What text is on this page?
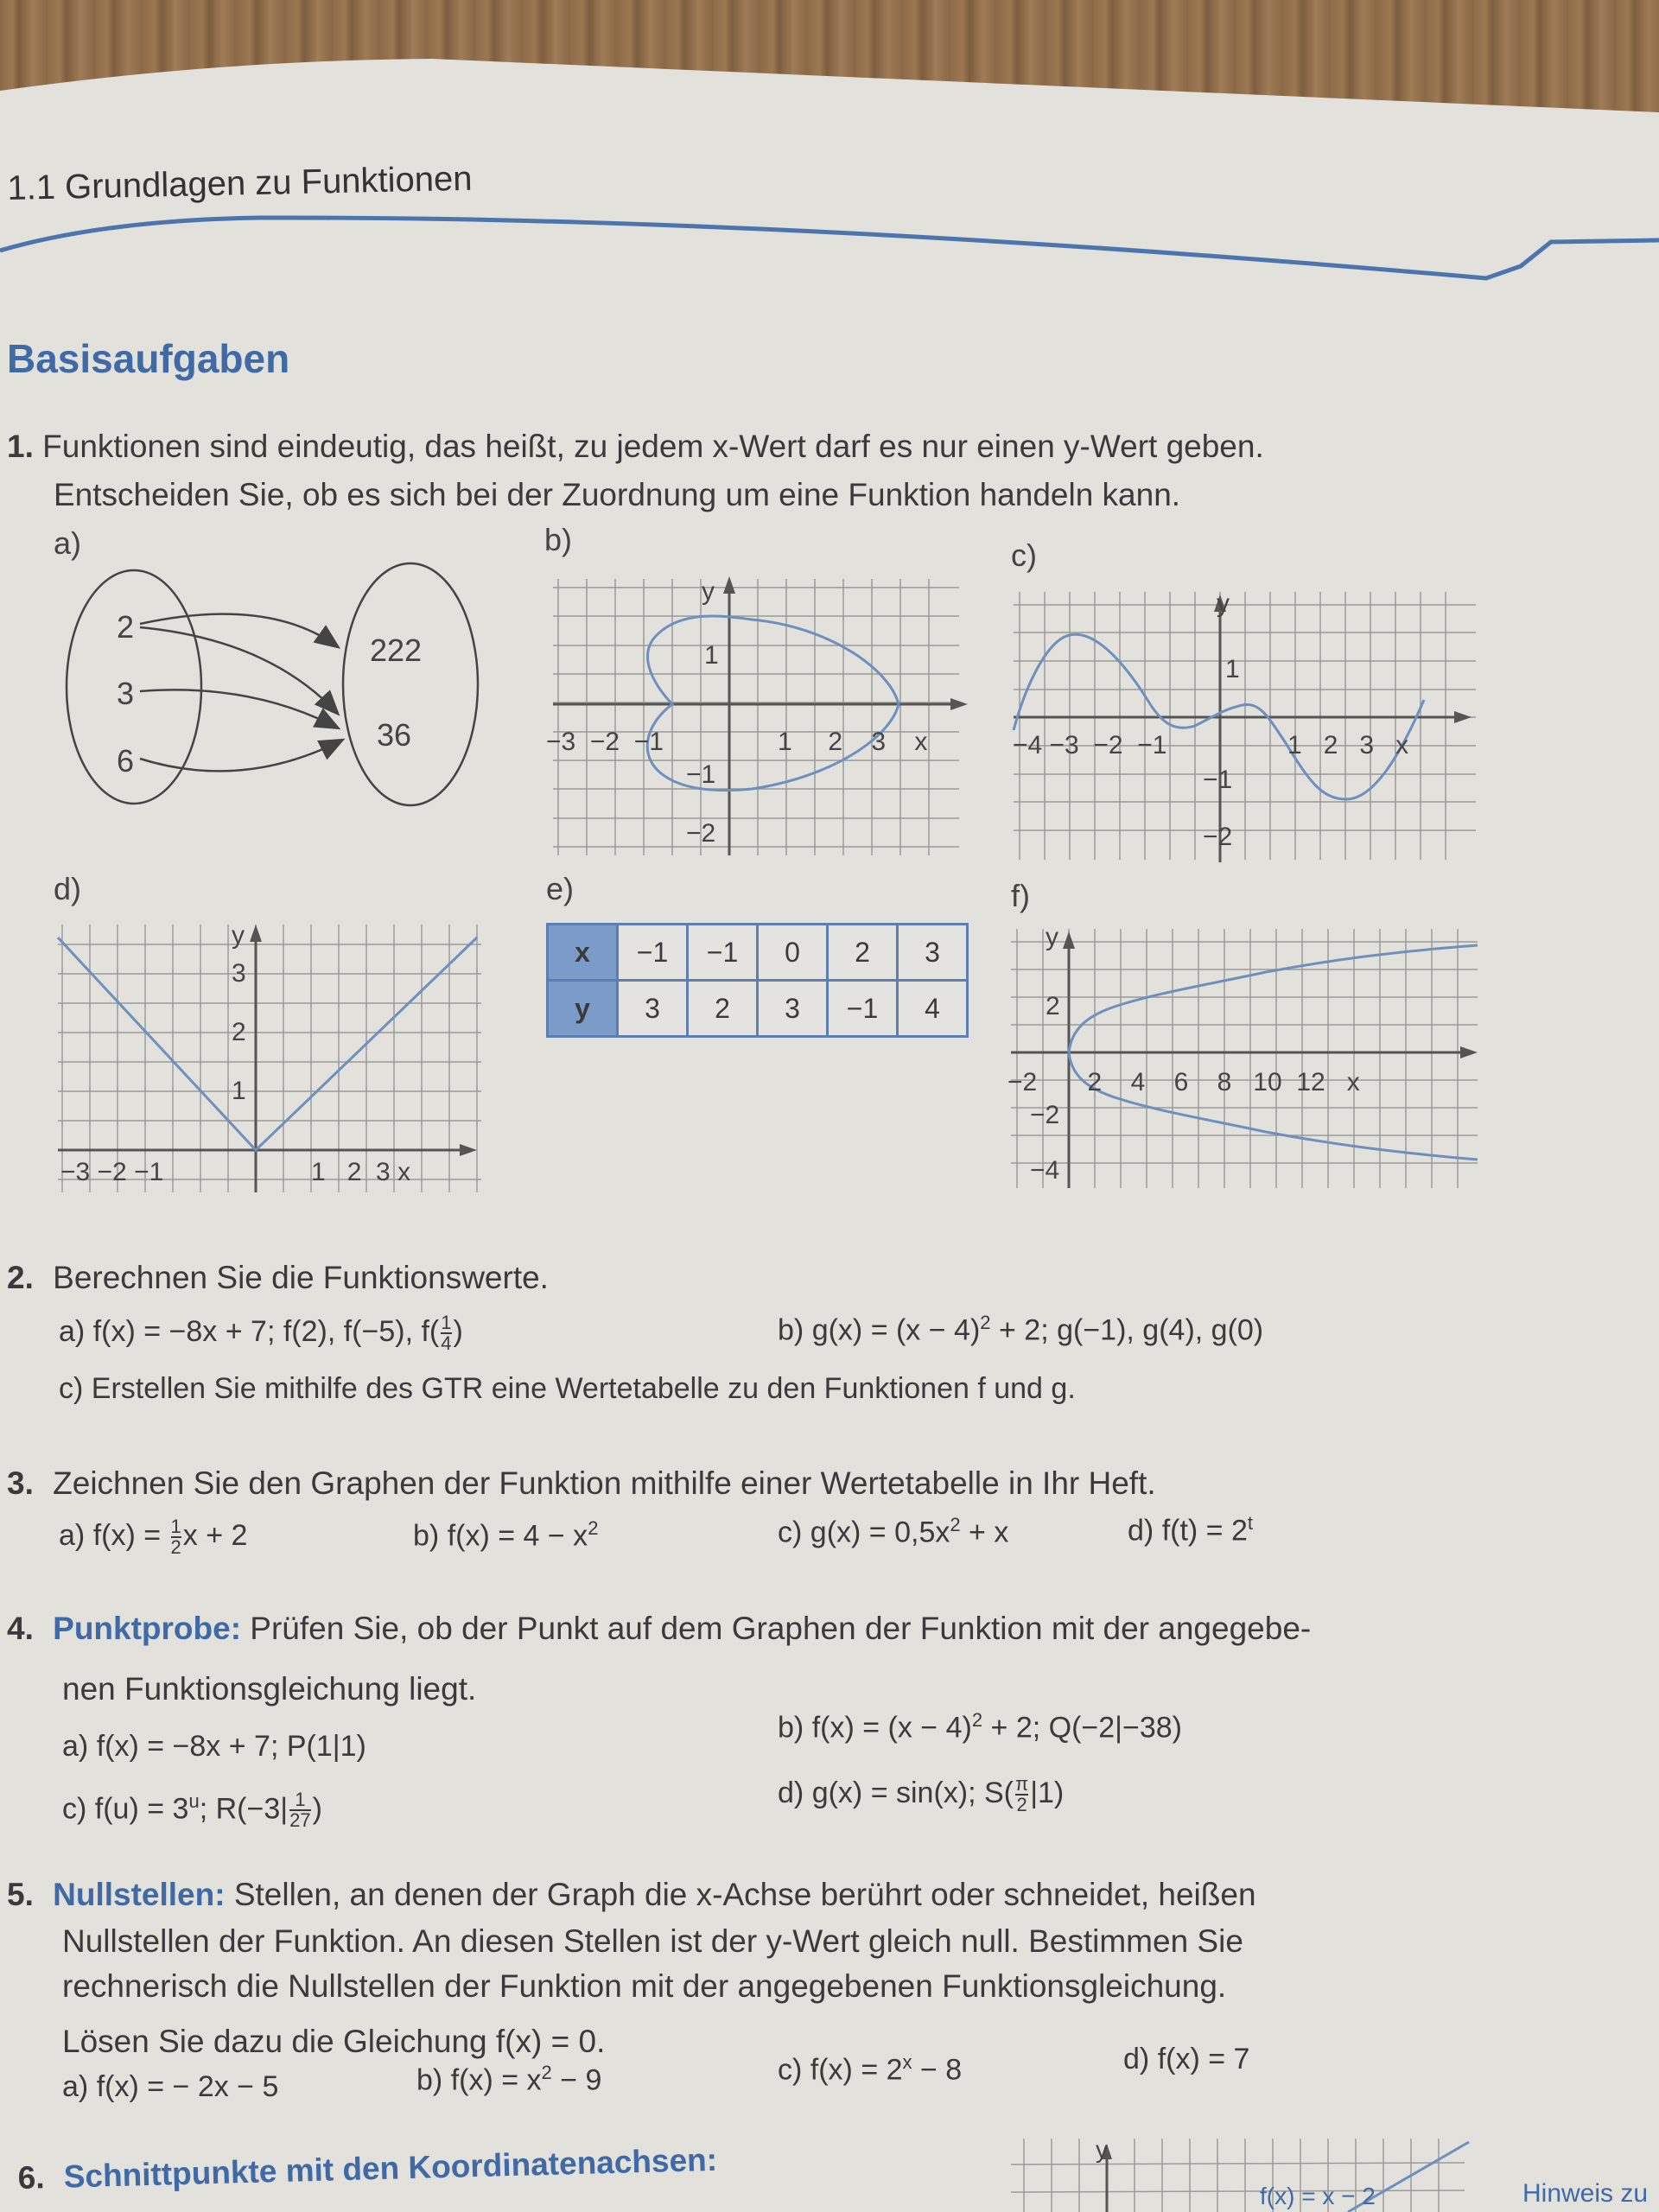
1.1 Grundlagen zu Funktionen
Basisaufgaben
1. Funktionen sind eindeutig, das heißt, zu jedem x-Wert darf es nur einen y-Wert geben.
Entscheiden Sie, ob es sich bei der Zuordnung um eine Funktion handeln kann.
a)	b)	c)
d)	e)	f)
2
3
6
222
36	−3  −2  −1	1     2    3    x
y
1
−1
−2
−4 −3  −2  −1	1   2   3   x
y
1
−1
−2
−3 −2 −1	1   2  3 x
y
3
2
1
x	−1	−1	0	2	3
y	3	2	3	−1	4
−2       2    4    6    8   10  12   x
y
2
−2
−4
2. Berechnen Sie die Funktionswerte.
a) f(x) = −8x + 7; f(2), f(−5), $f( \frac{1}{4}$ )	b) $g(x) = (x - 4)^2 + 2$; g(−1), g(4), g(0)
c) Erstellen Sie mithilfe des GTR eine Wertetabelle zu den Funktionen f und g.
3. Zeichnen Sie den Graphen der Funktion mithilfe einer Wertetabelle in Ihr Heft.
a) $f(x) = \frac{1}{2}$ x + 2	b) $f(x) = 4 - x^2$	c) $g(x) = 0,5x^2 + x$	d) $f(t) = 2^t$
4. Punktprobe: Prüfen Sie, ob der Punkt auf dem Graphen der Funktion mit der angegebe-
nen Funktionsgleichung liegt.
a) f(x) = −8x + 7; P(1|1)
b) $f(x) = (x - 4)^2 + 2$; Q(−2|−38)
c) $f(u) = 3^u$; $R(-3| \frac{1}{27}$ )	d) g(x) = sin(x); $S( \frac{\pi}{2} |1)$
5. Nullstellen: Stellen, an denen der Graph die x-Achse berührt oder schneidet, heißen
Nullstellen der Funktion. An diesen Stellen ist der y-Wert gleich null. Bestimmen Sie
rechnerisch die Nullstellen der Funktion mit der angegebenen Funktionsgleichung.
Lösen Sie dazu die Gleichung f(x) = 0.
a) f(x) = − 2x − 5	b) $f(x) = x^2 - 9$	c) $f(x) = 2^x - 8$	d) f(x) = 7
6. Schnittpunkte mit den Koordinatenachsen:	y
f(x) = x − 2	Hinweis zu
